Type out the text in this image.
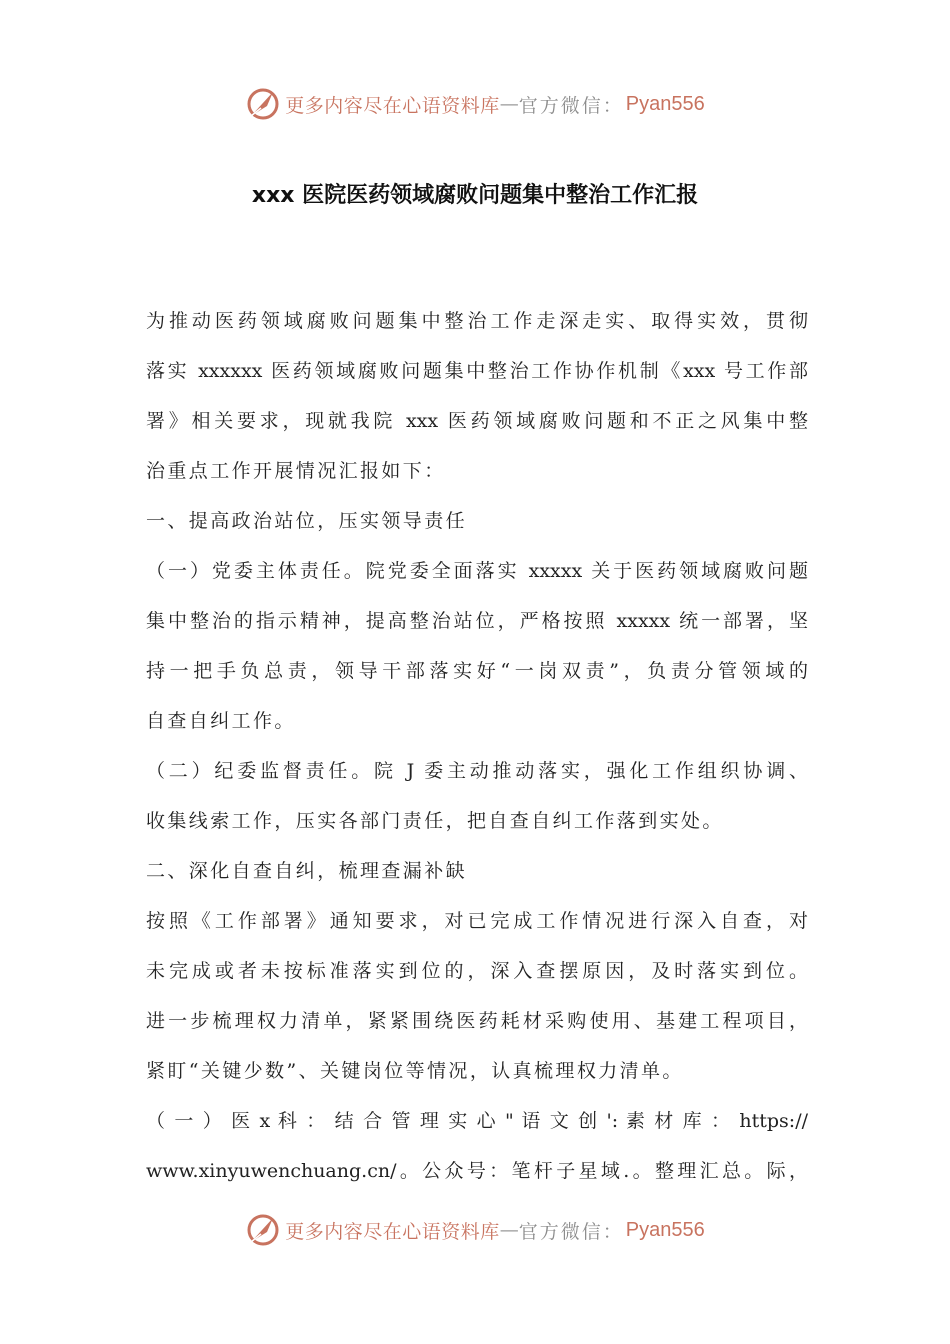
更多内容尽在心语资料库 — 官方微信： Pyan556
xxx 医院医药领域腐败问题集中整治工作汇报
为推动医药领域腐败问题集中整治工作走深走实、取得实效，贯彻
落实 xxxxxx 医药领域腐败问题集中整治工作协作机制《xxx 号工作部
署》相关要求，现就我院 xxx 医药领域腐败问题和不正之风集中整
治重点工作开展情况汇报如下：
一、提高政治站位，压实领导责任
（一）党委主体责任。院党委全面落实 xxxxx 关于医药领域腐败问题
集中整治的指示精神，提高整治站位，严格按照 xxxxx 统一部署，坚
持一把手负总责，领导干部落实好“一岗双责”，负责分管领域的
自查自纠工作。
（二）纪委监督责任。院 J 委主动推动落实，强化工作组织协调、
收集线索工作，压实各部门责任，把自查自纠工作落到实处。
二、深化自查自纠，梳理查漏补缺
按照《工作部署》通知要求，对已完成工作情况进行深入自查，对
未完成或者未按标准落实到位的，深入查摆原因，及时落实到位。
进一步梳理权力清单，紧紧围绕医药耗材采购使用、基建工程项目，
紧盯“关键少数”、关键岗位等情况，认真梳理权力清单。
（ 一 ） 医 x 科 ： 结 合 管 理 实 心 " 语 文 创 ': 素 材 库 ： https://
www.xinyuwenchuang.cn/。公众号：笔杆子星域.。整理汇总。际，
更多内容尽在心语资料库 — 官方微信： Pyan556
